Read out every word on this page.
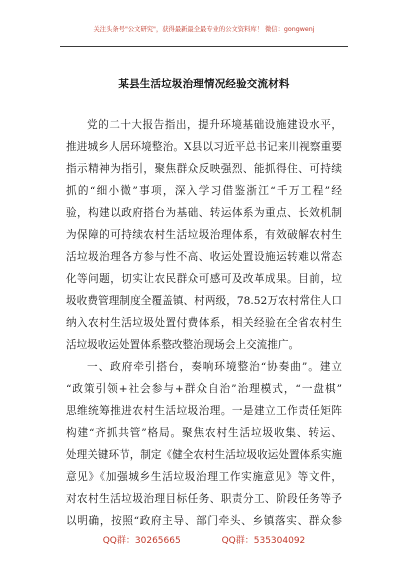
关注头条号"公文研究"，获得最新最全最专业的公文资料库！ 微信：gongwenj
某县生活垃圾治理情况经验交流材料
党的二十大报告指出，提升环境基础设施建设水平，
推进城乡人居环境整治。X县以习近平总书记来川视察重要
指示精神为指引，聚焦群众反映强烈、能抓得住、可持续
抓的“细小微”事项，深入学习借鉴浙江“千万工程”经
验，构建以政府搭台为基础、转运体系为重点、长效机制
为保障的可持续农村生活垃圾治理体系，有效破解农村生
活垃圾治理各方参与性不高、收运处置设施运转难以常态
化等问题，切实让农民群众可感可及改革成果。目前，垃
圾收费管理制度全覆盖镇、村两级，78.52万农村常住人口
纳入农村生活垃圾处置付费体系，相关经验在全省农村生
活垃圾收运处置体系整改整治现场会上交流推广。
一、政府牵引搭台，奏响环境整治“协奏曲”。建立
“政策引领+社会参与+群众自治”治理模式，“一盘棋”
思维统筹推进农村生活垃圾治理。一是建立工作责任矩阵
构建“齐抓共管”格局。聚焦农村生活垃圾收集、转运、
处理关键环节，制定《健全农村生活垃圾收运处置体系实施
意见》《加强城乡生活垃圾治理工作实施意见》等文件，
对农村生活垃圾治理目标任务、职责分工、阶段任务等予
以明确，按照“政府主导、部门牵头、乡镇落实、群众参
QQ群：30265665	QQ群：535304092
